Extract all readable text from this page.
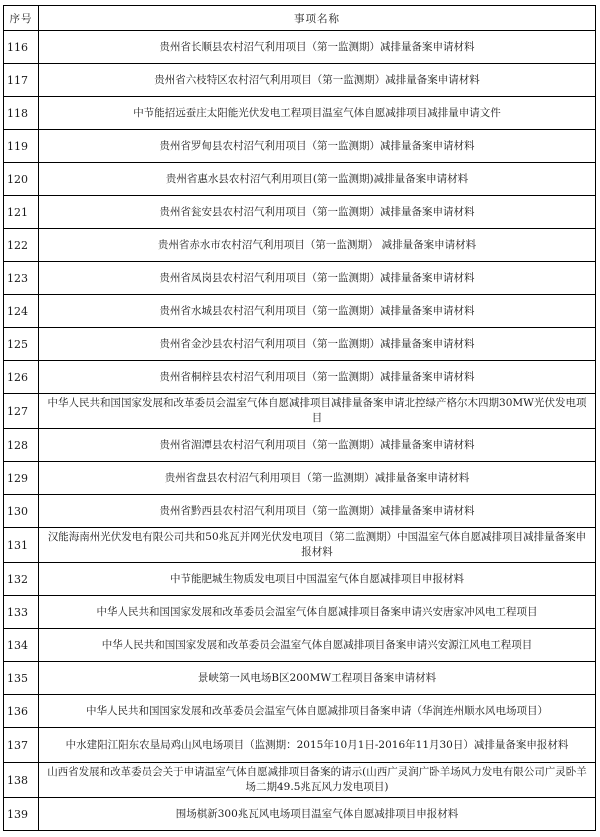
序号	事项名称
116	贵州省长顺县农村沼气利用项目（第一监测期）减排量备案申请材料
117	贵州省六枝特区农村沼气利用项目（第一监测期）减排量备案申请材料
118	中节能招远蚕庄太阳能光伏发电工程项目温室气体自愿减排项目减排量申请文件
119	贵州省罗甸县农村沼气利用项目（第一监测期）减排量备案申请材料
120	贵州省惠水县农村沼气利用项目(第一监测期)减排量备案申请材料
121	贵州省瓮安县农村沼气利用项目（第一监测期）减排量备案申请材料
122	贵州省赤水市农村沼气利用项目（第一监测期） 减排量备案申请材料
123	贵州省凤岗县农村沼气利用项目（第一监测期）减排量备案申请材料
124	贵州省水城县农村沼气利用项目（第一监测期）减排量备案申请材料
125	贵州省金沙县农村沼气利用项目（第一监测期）减排量备案申请材料
126	贵州省桐梓县农村沼气利用项目（第一监测期）减排量备案申请材料
127	中华人民共和国国家发展和改革委员会温室气体自愿减排项目减排量备案申请北控绿产格尔木四期30MW光伏发电项目
128	贵州省湄潭县农村沼气利用项目（第一监测期）减排量备案申请材料
129	贵州省盘县农村沼气利用项目（第一监测期）减排量备案申请材料
130	贵州省黔西县农村沼气利用项目（第一监测期）减排量备案申请材料
131	汉能海南州光伏发电有限公司共和50兆瓦并网光伏发电项目（第二监测期）中国温室气体自愿减排项目减排量备案申报材料
132	中节能肥城生物质发电项目中国温室气体自愿减排项目申报材料
133	中华人民共和国国家发展和改革委员会温室气体自愿减排项目备案申请兴安唐家冲风电工程项目
134	中华人民共和国国家发展和改革委员会温室气体自愿减排项目备案申请兴安源江风电工程项目
135	景峡第一风电场B区200MW工程项目备案申请材料
136	中华人民共和国国家发展和改革委员会温室气体自愿减排项目备案申请（华润连州顺水风电场项目）
137	中水建阳江阳东农垦局鸡山风电场项目（监测期：2015年10月1日-2016年11月30日）减排量备案申报材料
138	山西省发展和改革委员会关于申请温室气体自愿减排项目备案的请示(山西广灵润广卧羊场风力发电有限公司广灵卧羊场二期49.5兆瓦风力发电项目)
139	围场棋新300兆瓦风电场项目温室气体自愿减排项目申报材料
